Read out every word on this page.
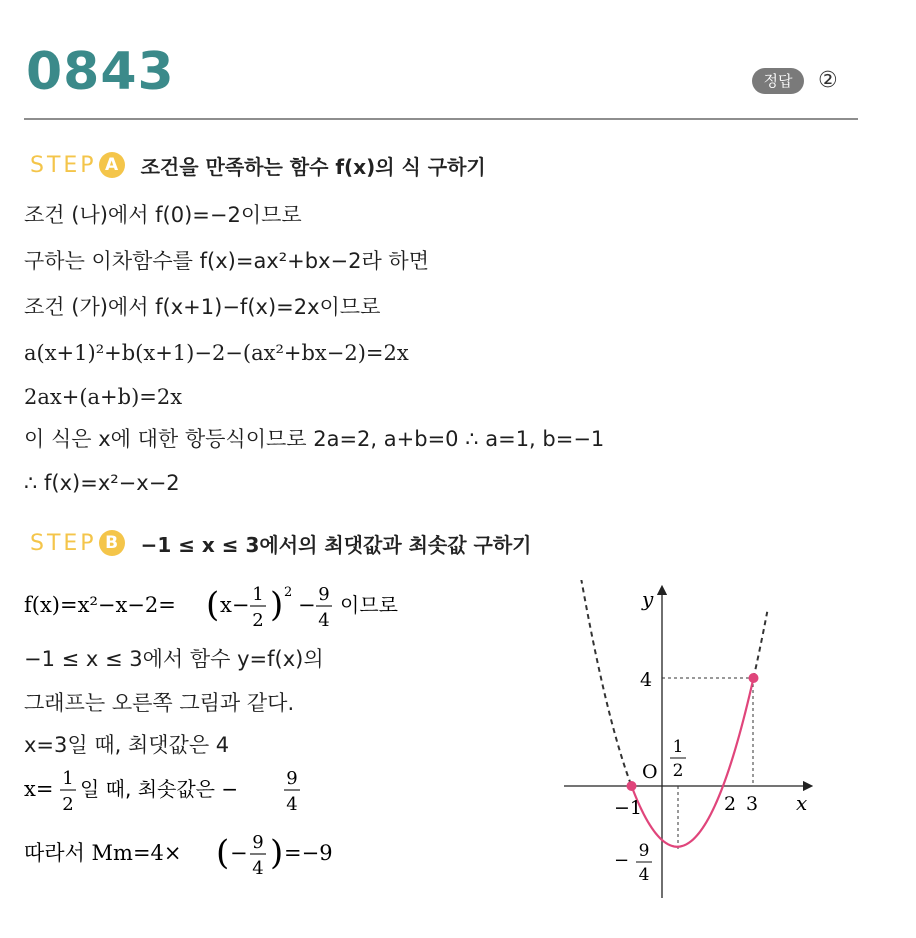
0843	정답	②
STEP A	조건을 만족하는 함수 f(x)의 식 구하기
조건 (나)에서 f(0)=−2이므로
구하는 이차함수를 f(x)=ax²+bx−2라 하면
조건 (가)에서 f(x+1)−f(x)=2x이므로
a(x+1)²+b(x+1)−2−(ax²+bx−2)=2x
2ax+(a+b)=2x
이 식은 x에 대한 항등식이므로 2a=2, a+b=0 ∴ a=1, b=−1
∴ f(x)=x²−x−2
STEP B	−1 ≤ x ≤ 3에서의 최댓값과 최솟값 구하기
f(x)=x²−x−2= ( x− 1
2 ) 2
− 9
4
이므로
−1 ≤ x ≤ 3에서 함수 y=f(x)의
그래프는 오른쪽 그림과 같다.
x=3일 때, 최댓값은 4
x= 1
2
일 때, 최솟값은 −	9
4
따라서 Mm=4× ( − 9
4 ) =−9
x
y
O
−1	2 3
4
1
2
− 9
4
